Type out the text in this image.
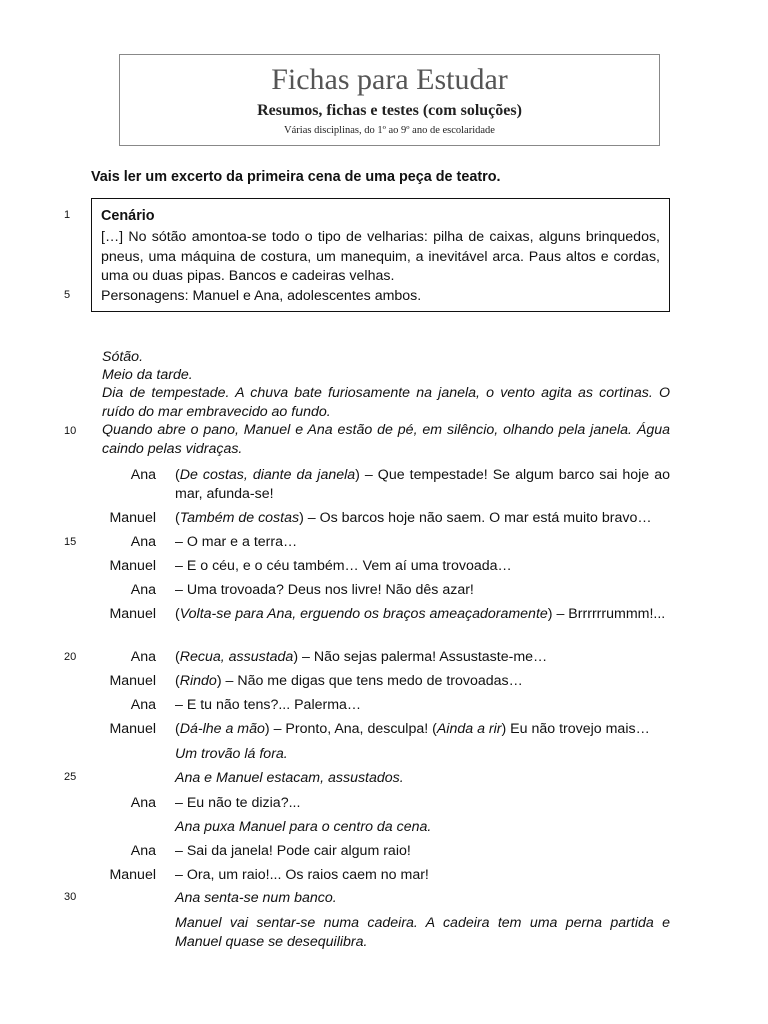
Fichas para Estudar
Resumos, fichas e testes (com soluções)
Várias disciplinas, do 1º ao 9º ano de escolaridade
Vais ler um excerto da primeira cena de uma peça de teatro.
1
5
10
15
20
25
30
Cenário
[…] No sótão amontoa-se todo o tipo de velharias: pilha de caixas, alguns brinquedos, pneus, uma máquina de costura, um manequim, a inevitável arca. Paus altos e cordas, uma ou duas pipas. Bancos e cadeiras velhas.
Personagens: Manuel e Ana, adolescentes ambos.
Sótão.
Meio da tarde.
Dia de tempestade. A chuva bate furiosamente na janela, o vento agita as cortinas. O ruído do mar embravecido ao fundo.
Quando abre o pano, Manuel e Ana estão de pé, em silêncio, olhando pela janela. Água caindo pelas vidraças.
Ana (De costas, diante da janela) – Que tempestade! Se algum barco sai hoje ao mar, afunda-se!
Manuel (Também de costas) – Os barcos hoje não saem. O mar está muito bravo…
Ana – O mar e a terra…
Manuel – E o céu, e o céu também… Vem aí uma trovoada…
Ana – Uma trovoada? Deus nos livre! Não dês azar!
Manuel (Volta-se para Ana, erguendo os braços ameaçadoramente) – Brrrrrrummm!...
Ana (Recua, assustada) – Não sejas palerma! Assustaste-me…
Manuel (Rindo) – Não me digas que tens medo de trovoadas…
Ana – E tu não tens?... Palerma…
Manuel (Dá-lhe a mão) – Pronto, Ana, desculpa! (Ainda a rir) Eu não trovejo mais…
Um trovão lá fora.
Ana e Manuel estacam, assustados.
Ana – Eu não te dizia?...
Ana puxa Manuel para o centro da cena.
Ana – Sai da janela! Pode cair algum raio!
Manuel – Ora, um raio!... Os raios caem no mar!
Ana senta-se num banco.
Manuel vai sentar-se numa cadeira. A cadeira tem uma perna partida e Manuel quase se desequilibra.
